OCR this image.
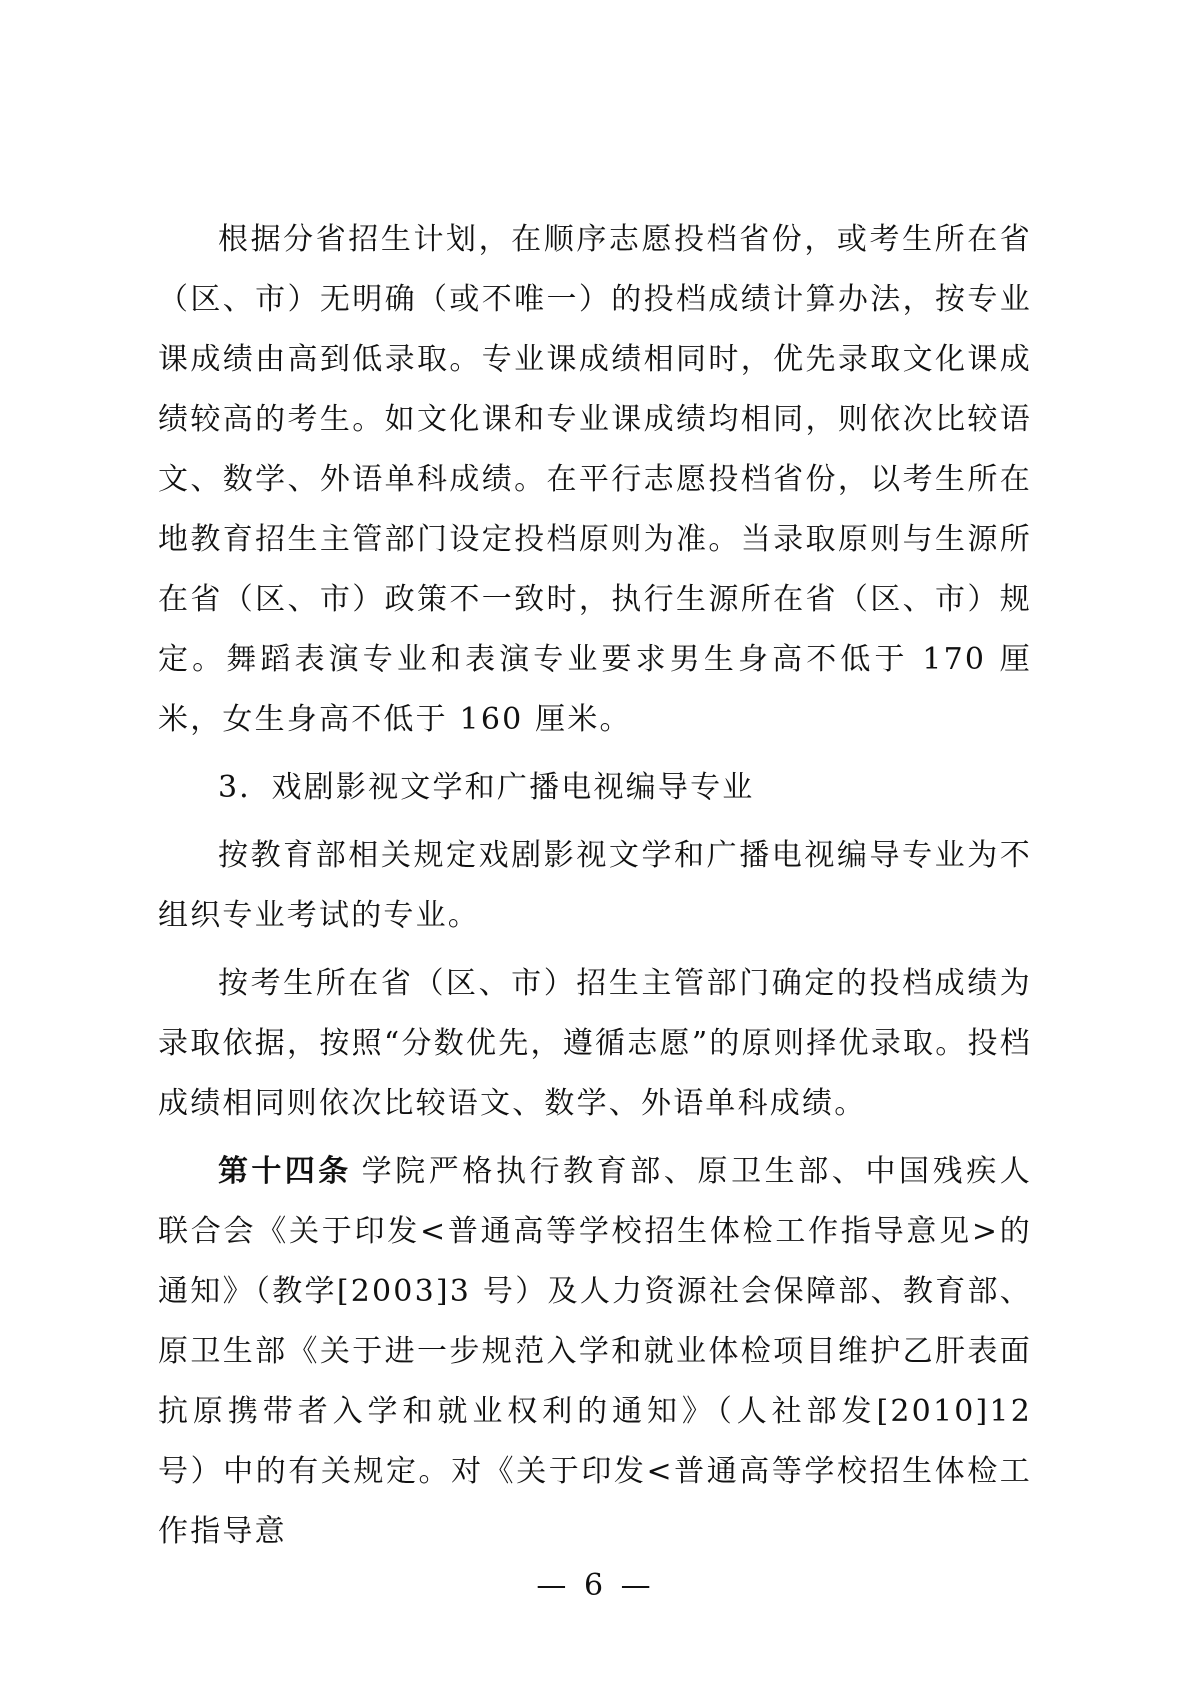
根据分省招生计划，在顺序志愿投档省份，或考生所在省（区、市）无明确（或不唯一）的投档成绩计算办法，按专业课成绩由高到低录取。专业课成绩相同时，优先录取文化课成绩较高的考生。如文化课和专业课成绩均相同，则依次比较语文、数学、外语单科成绩。在平行志愿投档省份，以考生所在地教育招生主管部门设定投档原则为准。当录取原则与生源所在省（区、市）政策不一致时，执行生源所在省（区、市）规定。舞蹈表演专业和表演专业要求男生身高不低于 170 厘米，女生身高不低于 160 厘米。

3．戏剧影视文学和广播电视编导专业

按教育部相关规定戏剧影视文学和广播电视编导专业为不组织专业考试的专业。

按考生所在省（区、市）招生主管部门确定的投档成绩为录取依据，按照“分数优先，遵循志愿”的原则择优录取。投档成绩相同则依次比较语文、数学、外语单科成绩。

第十四条 学院严格执行教育部、原卫生部、中国残疾人联合会《关于印发<普通高等学校招生体检工作指导意见>的通知》（教学[2003]3 号）及人力资源社会保障部、教育部、原卫生部《关于进一步规范入学和就业体检项目维护乙肝表面抗原携带者入学和就业权利的通知》（人社部发[2010]12 号）中的有关规定。对《关于印发<普通高等学校招生体检工作指导意

— 6 —
